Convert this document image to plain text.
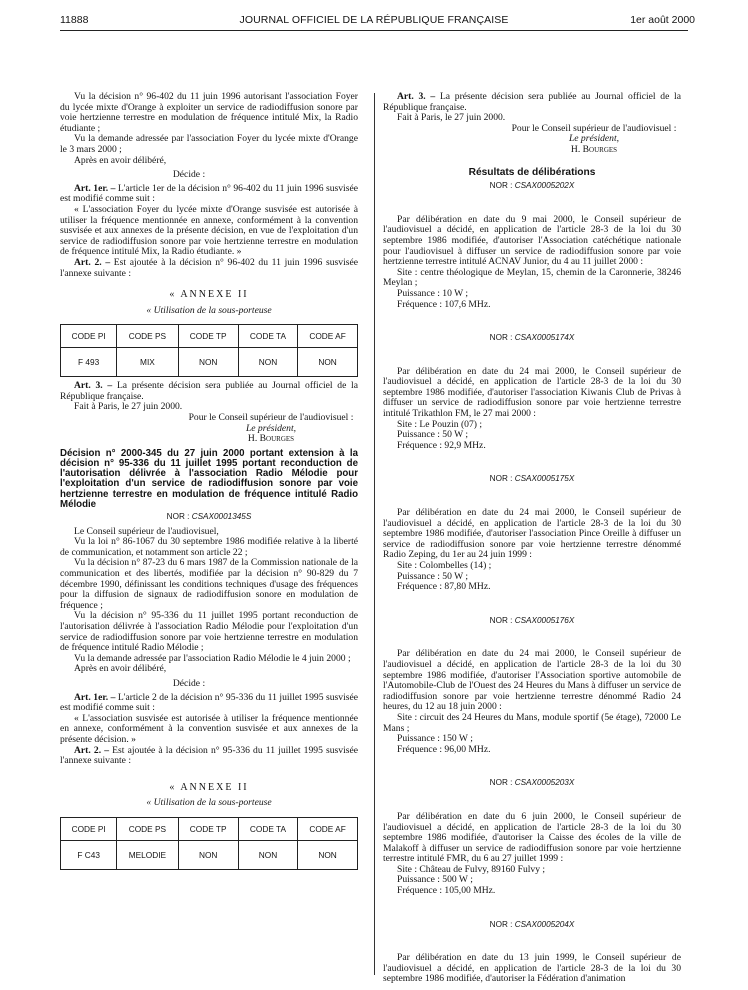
11888	JOURNAL OFFICIEL DE LA RÉPUBLIQUE FRANÇAISE	1er août 2000

Vu la décision n° 96-402 du 11 juin 1996 autorisant l'association Foyer du lycée mixte d'Orange à exploiter un service de radiodiffusion sonore par voie hertzienne terrestre en modulation de fréquence intitulé Mix, la Radio étudiante ;

Vu la demande adressée par l'association Foyer du lycée mixte d'Orange le 3 mars 2000 ;

Après en avoir délibéré,

Décide :

Art. 1er. – L'article 1er de la décision n° 96-402 du 11 juin 1996 susvisée est modifié comme suit :

« L'association Foyer du lycée mixte d'Orange susvisée est autorisée à utiliser la fréquence mentionnée en annexe, conformément à la convention susvisée et aux annexes de la présente décision, en vue de l'exploitation d'un service de radiodiffusion sonore par voie hertzienne terrestre en modulation de fréquence intitulé Mix, la Radio étudiante. »

Art. 2. – Est ajoutée à la décision n° 96-402 du 11 juin 1996 susvisée l'annexe suivante :

« ANNEXE II

« Utilisation de la sous-porteuse

CODE PI	CODE PS	CODE TP	CODE TA	CODE AF
F 493	MIX	NON	NON	NON

Art. 3. – La présente décision sera publiée au Journal officiel de la République française.

Fait à Paris, le 27 juin 2000.

Pour le Conseil supérieur de l'audiovisuel :

Le président,

H. Bourges

Décision n° 2000-345 du 27 juin 2000 portant extension à la décision n° 95-336 du 11 juillet 1995 portant reconduction de l'autorisation délivrée à l'association Radio Mélodie pour l'exploitation d'un service de radiodiffusion sonore par voie hertzienne terrestre en modulation de fréquence intitulé Radio Mélodie

NOR : CSAX0001345S

Le Conseil supérieur de l'audiovisuel,

Vu la loi n° 86-1067 du 30 septembre 1986 modifiée relative à la liberté de communication, et notamment son article 22 ;

Vu la décision n° 87-23 du 6 mars 1987 de la Commission nationale de la communication et des libertés, modifiée par la décision n° 90-829 du 7 décembre 1990, définissant les conditions techniques d'usage des fréquences pour la diffusion de signaux de radiodiffusion sonore en modulation de fréquence ;

Vu la décision n° 95-336 du 11 juillet 1995 portant reconduction de l'autorisation délivrée à l'association Radio Mélodie pour l'exploitation d'un service de radiodiffusion sonore par voie hertzienne terrestre en modulation de fréquence intitulé Radio Mélodie ;

Vu la demande adressée par l'association Radio Mélodie le 4 juin 2000 ;

Après en avoir délibéré,

Décide :

Art. 1er. – L'article 2 de la décision n° 95-336 du 11 juillet 1995 susvisée est modifié comme suit :

« L'association susvisée est autorisée à utiliser la fréquence mentionnée en annexe, conformément à la convention susvisée et aux annexes de la présente décision. »

Art. 2. – Est ajoutée à la décision n° 95-336 du 11 juillet 1995 susvisée l'annexe suivante :

« ANNEXE II

« Utilisation de la sous-porteuse

CODE PI	CODE PS	CODE TP	CODE TA	CODE AF
F C43	MELODIE	NON	NON	NON

Art. 3. – La présente décision sera publiée au Journal officiel de la République française.

Fait à Paris, le 27 juin 2000.

Pour le Conseil supérieur de l'audiovisuel :

Le président,

H. Bourges

Résultats de délibérations

NOR : CSAX0005202X

Par délibération en date du 9 mai 2000, le Conseil supérieur de l'audiovisuel a décidé, en application de l'article 28-3 de la loi du 30 septembre 1986 modifiée, d'autoriser l'Association catéchétique nationale pour l'audiovisuel à diffuser un service de radiodiffusion sonore par voie hertzienne terrestre intitulé ACNAV Junior, du 4 au 11 juillet 2000 :

Site : centre théologique de Meylan, 15, chemin de la Caronnerie, 38246 Meylan ;

Puissance : 10 W ;

Fréquence : 107,6 MHz.

NOR : CSAX0005174X

Par délibération en date du 24 mai 2000, le Conseil supérieur de l'audiovisuel a décidé, en application de l'article 28-3 de la loi du 30 septembre 1986 modifiée, d'autoriser l'association Kiwanis Club de Privas à diffuser un service de radiodiffusion sonore par voie hertzienne terrestre intitulé Trikathlon FM, le 27 mai 2000 :

Site : Le Pouzin (07) ;

Puissance : 50 W ;

Fréquence : 92,9 MHz.

NOR : CSAX0005175X

Par délibération en date du 24 mai 2000, le Conseil supérieur de l'audiovisuel a décidé, en application de l'article 28-3 de la loi du 30 septembre 1986 modifiée, d'autoriser l'association Pince Oreille à diffuser un service de radiodiffusion sonore par voie hertzienne terrestre dénommé Radio Zeping, du 1er au 24 juin 1999 :

Site : Colombelles (14) ;

Puissance : 50 W ;

Fréquence : 87,80 MHz.

NOR : CSAX0005176X

Par délibération en date du 24 mai 2000, le Conseil supérieur de l'audiovisuel a décidé, en application de l'article 28-3 de la loi du 30 septembre 1986 modifiée, d'autoriser l'Association sportive automobile de l'Automobile-Club de l'Ouest des 24 Heures du Mans à diffuser un service de radiodiffusion sonore par voie hertzienne terrestre dénommé Radio 24 heures, du 12 au 18 juin 2000 :

Site : circuit des 24 Heures du Mans, module sportif (5e étage), 72000 Le Mans ;

Puissance : 150 W ;

Fréquence : 96,00 MHz.

NOR : CSAX0005203X

Par délibération en date du 6 juin 2000, le Conseil supérieur de l'audiovisuel a décidé, en application de l'article 28-3 de la loi du 30 septembre 1986 modifiée, d'autoriser la Caisse des écoles de la ville de Malakoff à diffuser un service de radiodiffusion sonore par voie hertzienne terrestre intitulé FMR, du 6 au 27 juillet 1999 :

Site : Château de Fulvy, 89160 Fulvy ;

Puissance : 500 W ;

Fréquence : 105,00 MHz.

NOR : CSAX0005204X

Par délibération en date du 13 juin 1999, le Conseil supérieur de l'audiovisuel a décidé, en application de l'article 28-3 de la loi du 30 septembre 1986 modifiée, d'autoriser la Fédération d'animation
